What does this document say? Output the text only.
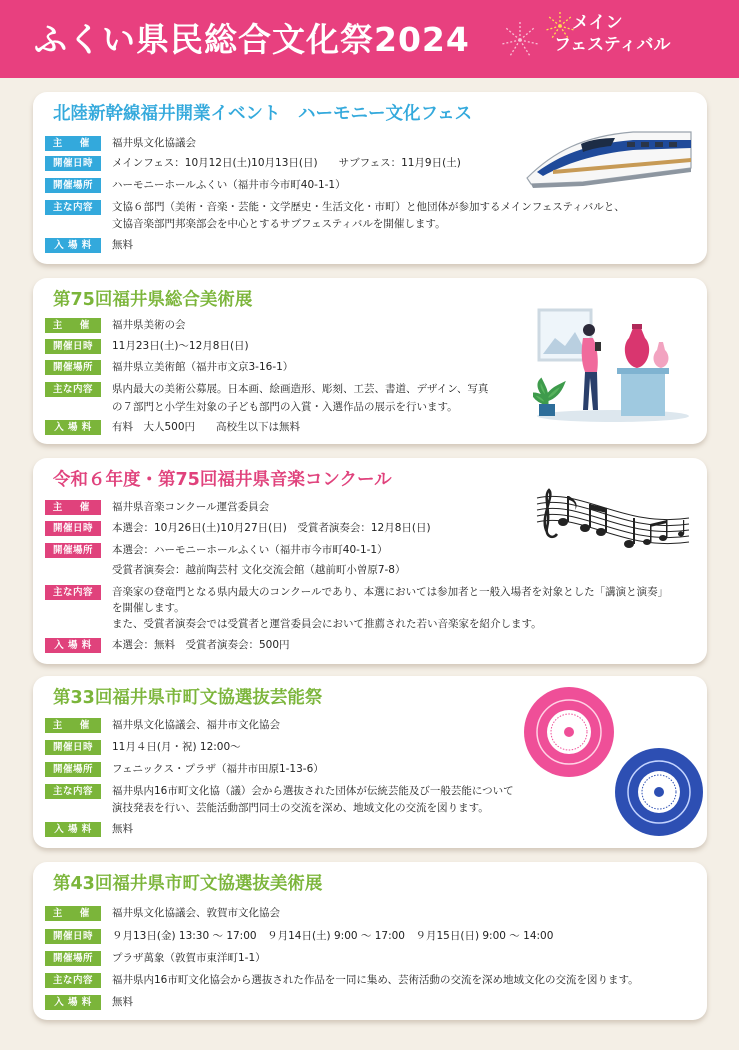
ふくい県民総合文化祭2024	メイン
フェスティバル
北陸新幹線福井開業イベント　ハーモニー文化フェス
主　催	福井県文化協議会
開催日時	メインフェス：10月12日(土)10月13日(日)　　サブフェス：11月9日(土)
開催場所	ハーモニーホールふくい（福井市今市町40-1-1）
主な内容	文協６部門（美術・音楽・芸能・文学歴史・生活文化・市町）と他団体が参加するメインフェスティバルと、
文協音楽部門邦楽部会を中心とするサブフェスティバルを開催します。
入 場 料	無料
第75回福井県総合美術展
主　催	福井県美術の会
開催日時	11月23日(土)～12月8日(日)
開催場所	福井県立美術館（福井市文京3-16-1）
主な内容	県内最大の美術公募展。日本画、絵画造形、彫刻、工芸、書道、デザイン、写真
の７部門と小学生対象の子ども部門の入賞・入選作品の展示を行います。
入 場 料	有料　大人500円　　高校生以下は無料
令和６年度・第75回福井県音楽コンクール
主　催	福井県音楽コンクール運営委員会
開催日時	本選会：10月26日(土)10月27日(日)　受賞者演奏会：12月8日(日)
開催場所	本選会：ハーモニーホールふくい（福井市今市町40-1-1）
受賞者演奏会：越前陶芸村 文化交流会館（越前町小曽原7-8）
主な内容	音楽家の登竜門となる県内最大のコンクールであり、本選においては参加者と一般入場者を対象とした「講演と演奏」
を開催します。
また、受賞者演奏会では受賞者と運営委員会において推薦された若い音楽家を紹介します。
入 場 料	本選会：無料　受賞者演奏会：500円
第33回福井県市町文協選抜芸能祭
主　催	福井県文化協議会、福井市文化協会
開催日時	11月４日(月・祝) 12:00～
開催場所	フェニックス・プラザ（福井市田原1-13-6）
主な内容	福井県内16市町文化協（議）会から選抜された団体が伝統芸能及び一般芸能について
演技発表を行い、芸能活動部門同士の交流を深め、地域文化の交流を図ります。
入 場 料	無料
第43回福井県市町文協選抜美術展
主　催	福井県文化協議会、敦賀市文化協会
開催日時	９月13日(金) 13:30 ～ 17:00　９月14日(土) 9:00 ～ 17:00　９月15日(日) 9:00 ～ 14:00
開催場所	プラザ萬象（敦賀市東洋町1-1）
主な内容	福井県内16市町文化協会から選抜された作品を一同に集め、芸術活動の交流を深め地域文化の交流を図ります。
入 場 料	無料
